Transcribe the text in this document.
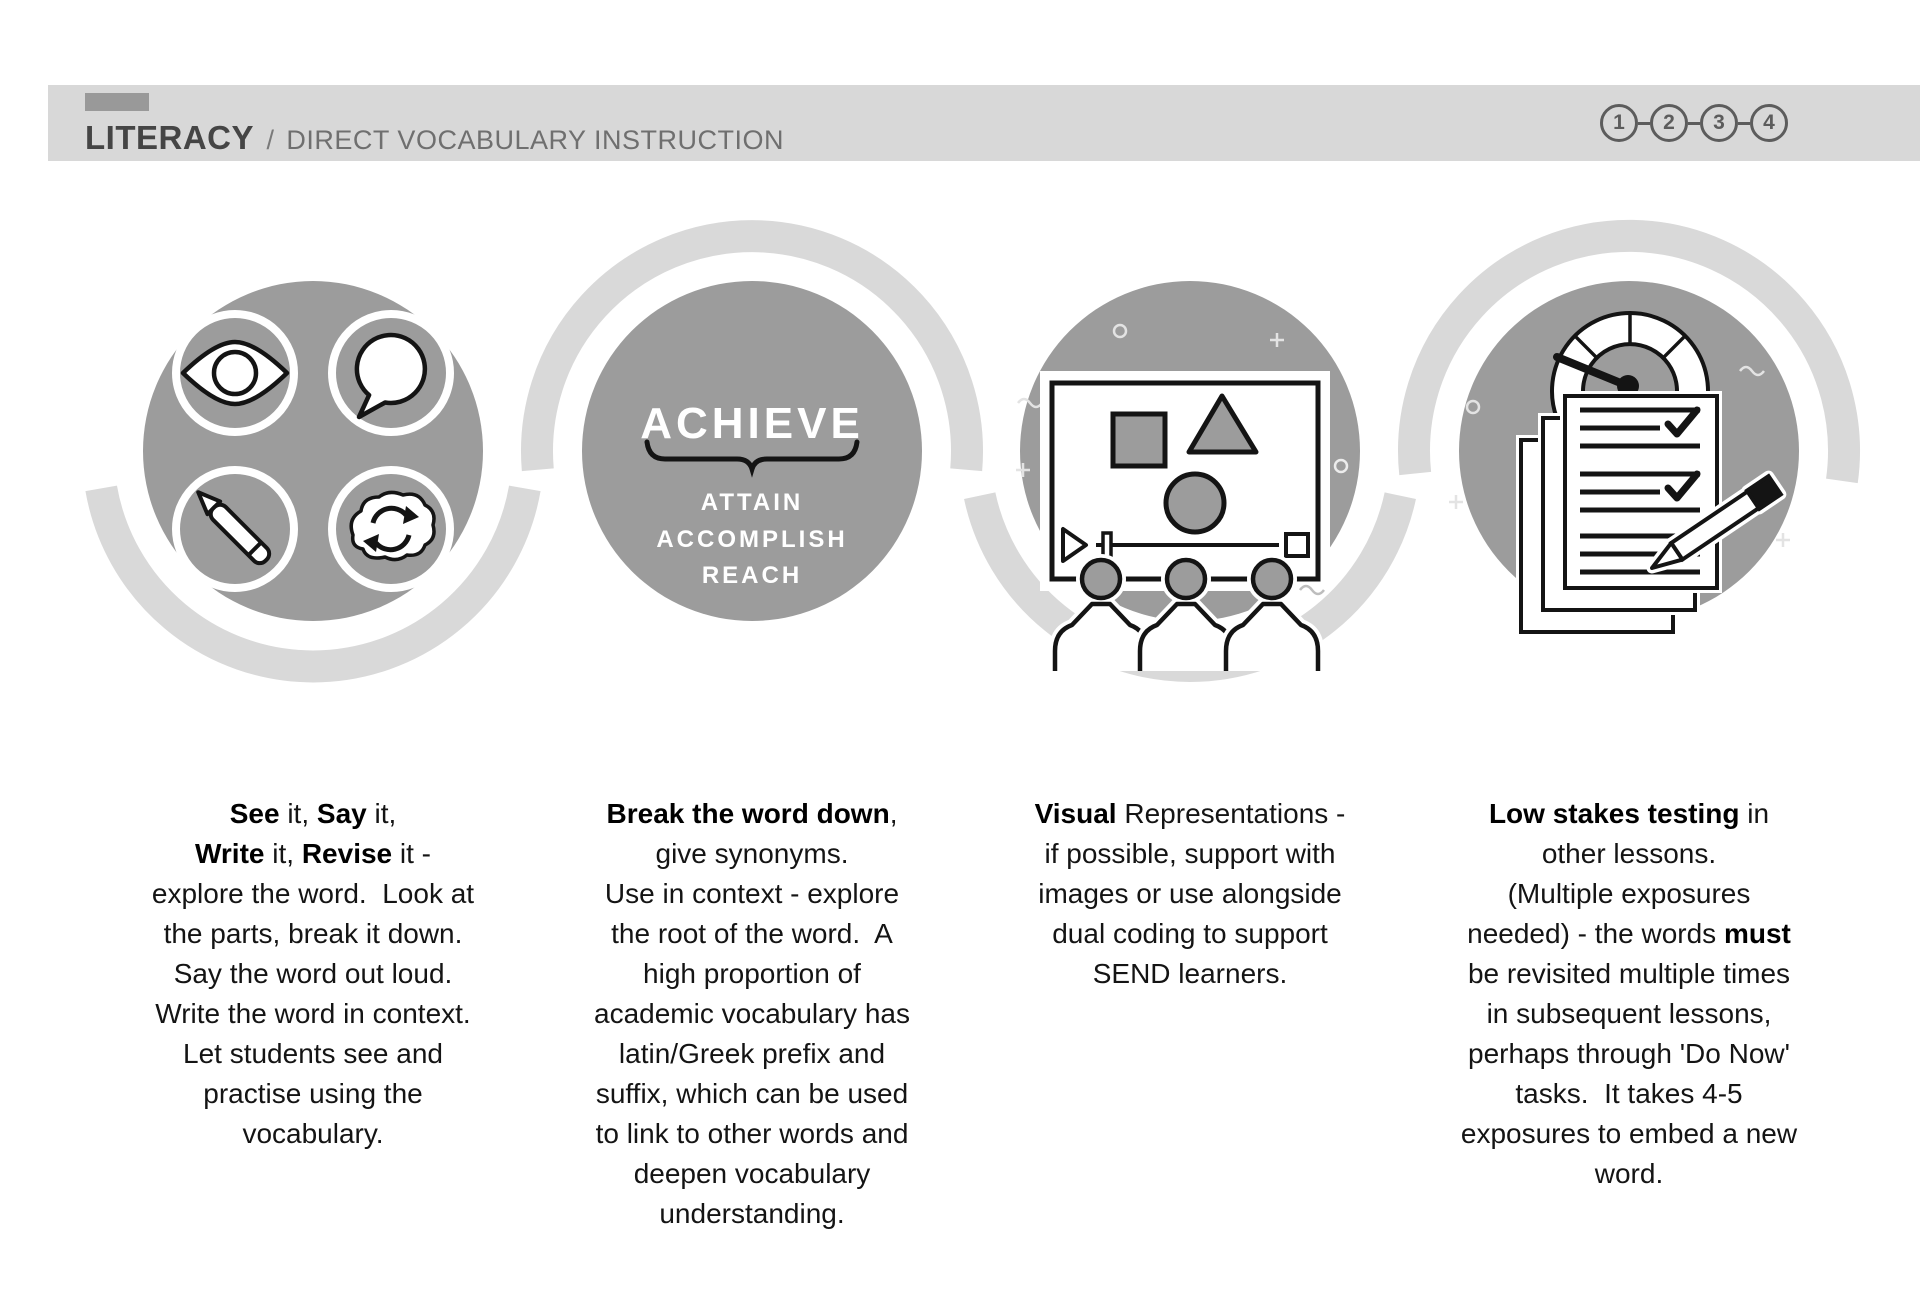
LITERACY / DIRECT VOCABULARY INSTRUCTION
1	2	3	4
ACHIEVE
ATTAIN
ACCOMPLISH
REACH

See it, Say it,
Write it, Revise it -
explore the word.  Look at
the parts, break it down.
Say the word out loud.
Write the word in context.
Let students see and
practise using the
vocabulary.

Break the word down,
give synonyms.
Use in context - explore
the root of the word.  A
high proportion of
academic vocabulary has
latin/Greek prefix and
suffix, which can be used
to link to other words and
deepen vocabulary
understanding.

Visual Representations -
if possible, support with
images or use alongside
dual coding to support
SEND learners.

Low stakes testing in
other lessons.
(Multiple exposures
needed) - the words must
be revisited multiple times
in subsequent lessons,
perhaps through 'Do Now'
tasks.  It takes 4-5
exposures to embed a new
word.
